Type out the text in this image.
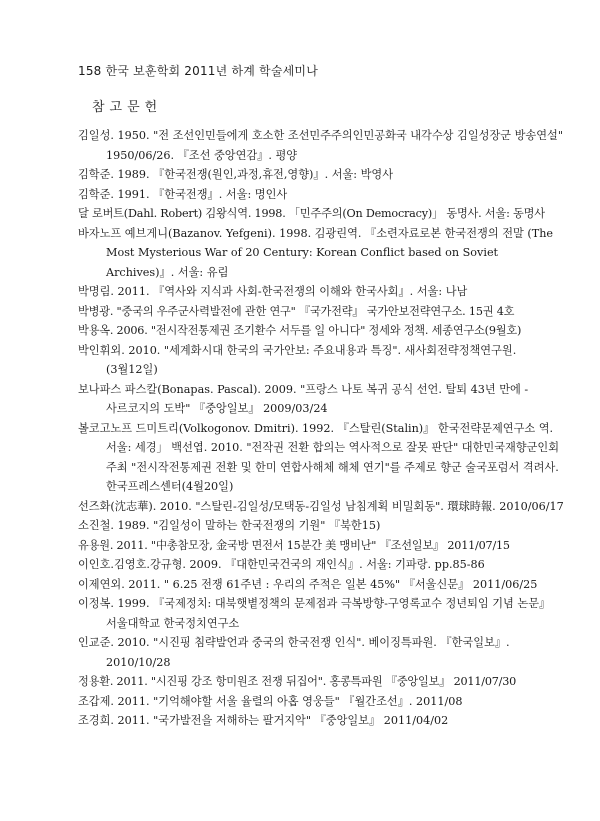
158 한국 보훈학회 2011년 하계 학술세미나
참고문헌

김일성. 1950. "전 조선인민들에게 호소한 조선민주주의인민공화국 내각수상 김일성장군 방송연설" 1950/06/26. 『조선 중앙연감』. 평양

김학준. 1989. 『한국전쟁(원인,과정,휴전,영향)』. 서울: 박영사

김학준. 1991. 『한국전쟁』. 서울: 명인사

달 로버트(Dahl. Robert) 김왕식역. 1998. 「민주주의(On Democracy)」 동명사. 서울: 동명사

바자노프 예브게니(Bazanov. Yefgeni). 1998. 김광린역. 『소련자료로본 한국전쟁의 전말 (The Most Mysterious War of 20 Century: Korean Conflict based on Soviet Archives)』. 서울: 유림

박명림. 2011. 『역사와 지식과 사회-한국전쟁의 이해와 한국사회』. 서울: 나남

박병광. "중국의 우주군사력발전에 관한 연구" 『국가전략』 국가안보전략연구소. 15권 4호

박용옥. 2006. "전시작전통제권 조기환수 서두를 일 아니다" 정세와 정책. 세종연구소(9월호)

박인휘외. 2010. "세계화시대 한국의 국가안보: 주요내용과 특징". 새사회전략정책연구원. (3월12일)

보나파스 파스칼(Bonapas. Pascal). 2009. "프랑스 나토 복귀 공식 선언. 탈퇴 43년 만에 - 사르코지의 도박" 『중앙일보』 2009/03/24

볼코고노프 드미트리(Volkogonov. Dmitri). 1992. 『스탈린(Stalin)』 한국전략문제연구소 역. 서울: 세경」 백선엽. 2010. "전작권 전환 합의는 역사적으로 잘못 판단" 대한민국재향군인회 주최 "전시작전통제권 전환 및 한미 연합사해체 해체 연기"를 주제로 향군 술국포럼서 격려사. 한국프레스센터(4월20일)

선즈화(沈志華). 2010. "스탈린-김일성/모택동-김일성 남침계획 비밀회동". 環球時報. 2010/06/17

소진철. 1989. "김일성이 말하는 한국전쟁의 기원" 『북한15)

유용원. 2011. "中총참모장, 金국방 면전서 15분간 美 맹비난" 『조선일보』 2011/07/15

이인호.김영호.강규형. 2009. 『대한민국건국의 재인식』. 서울: 기파랑. pp.85-86

이제연외. 2011. " 6.25 전쟁 61주년 : 우리의 주적은 일본 45%" 『서울신문』 2011/06/25

이정복. 1999. 『국제정치: 대북햇볕정책의 문제점과 극복방향-구영록교수 정년퇴임 기념 논문』 서울대학교 한국정치연구소

인교준. 2010. "시진핑 침략발언과 중국의 한국전쟁 인식". 베이징특파원. 『한국일보』. 2010/10/28

정용환. 2011. "시진핑 강조 항미원조 전쟁 뒤집어". 홍콩특파원 『중앙일보』 2011/07/30

조갑제. 2011. "기억해야할 서울 율렬의 아홉 영웅들" 『월간조선』. 2011/08

조경희. 2011. "국가발전을 저해하는 팔거지악" 『중앙일보』 2011/04/02
